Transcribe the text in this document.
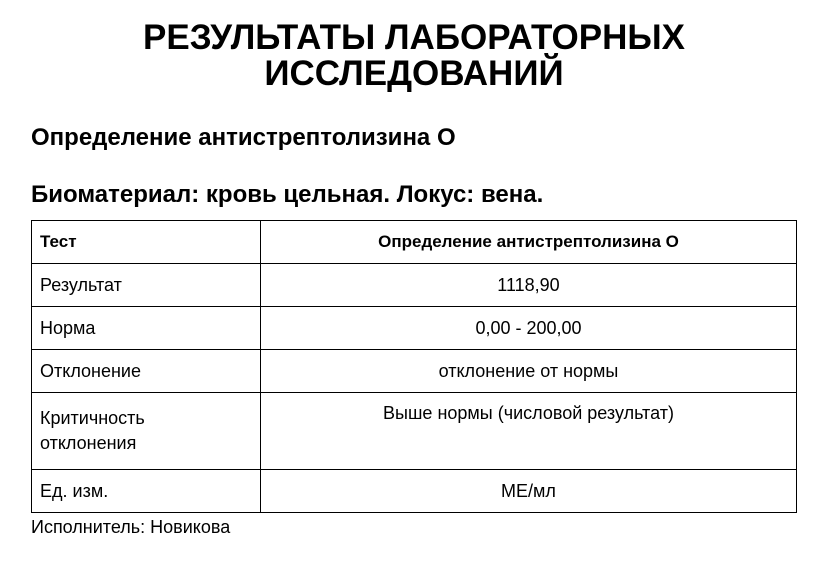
РЕЗУЛЬТАТЫ ЛАБОРАТОРНЫХ
ИССЛЕДОВАНИЙ
Определение антистрептолизина О
Биоматериал: кровь цельная. Локус: вена.
Тест	Определение антистрептолизина О
Результат	1118,90
Норма	0,00 - 200,00
Отклонение	отклонение от нормы
Критичность
отклонения	Выше нормы (числовой результат)
Ед. изм.	МЕ/мл
Исполнитель: Новикова
